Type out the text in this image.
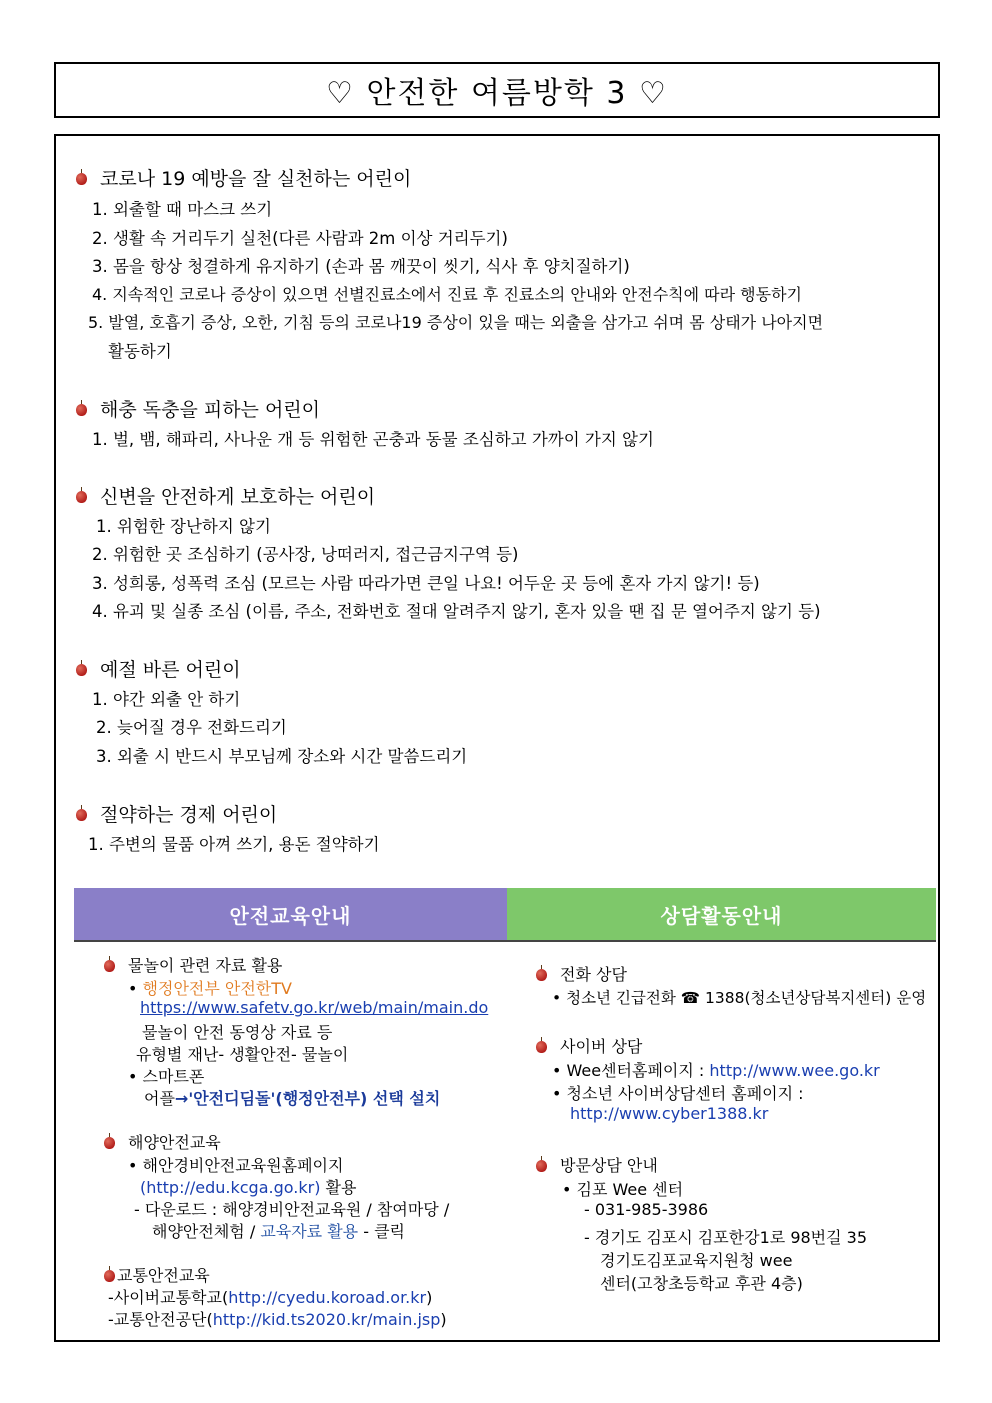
♡ 안전한 여름방학 3 ♡
코로나 19 예방을 잘 실천하는 어린이
1. 외출할 때 마스크 쓰기
2. 생활 속 거리두기 실천(다른 사람과 2m 이상 거리두기)
3. 몸을 항상 청결하게 유지하기 (손과 몸 깨끗이 씻기, 식사 후 양치질하기)
4. 지속적인 코로나 증상이 있으면 선별진료소에서 진료 후 진료소의 안내와 안전수칙에 따라 행동하기
5. 발열, 호흡기 증상, 오한, 기침 등의 코로나19 증상이 있을 때는 외출을 삼가고 쉬며 몸 상태가 나아지면
활동하기
해충 독충을 피하는 어린이
1. 벌, 뱀, 해파리, 사나운 개 등 위험한 곤충과 동물 조심하고 가까이 가지 않기
신변을 안전하게 보호하는 어린이
1. 위험한 장난하지 않기
2. 위험한 곳 조심하기 (공사장, 낭떠러지, 접근금지구역 등)
3. 성희롱, 성폭력 조심 (모르는 사람 따라가면 큰일 나요! 어두운 곳 등에 혼자 가지 않기! 등)
4. 유괴 및 실종 조심 (이름, 주소, 전화번호 절대 알려주지 않기, 혼자 있을 땐 집 문 열어주지 않기 등)
예절 바른 어린이
1. 야간 외출 안 하기
2. 늦어질 경우 전화드리기
3. 외출 시 반드시 부모님께 장소와 시간 말씀드리기
절약하는 경제 어린이
1. 주변의 물품 아껴 쓰기, 용돈 절약하기
안전교육안내	상담활동안내
물놀이 관련 자료 활용
• 행정안전부 안전한TV
https://www.safetv.go.kr/web/main/main.do
물놀이 안전 동영상 자료 등
유형별 재난- 생활안전- 물놀이
• 스마트폰
어플→'안전디딤돌'(행정안전부) 선택 설치
해양안전교육
• 해안경비안전교육원홈페이지
(http://edu.kcga.go.kr) 활용
- 다운로드 : 해양경비안전교육원 / 참여마당 /
해양안전체험 / 교육자료 활용 - 클릭
교통안전교육
-사이버교통학교(http://cyedu.koroad.or.kr)
-교통안전공단(http://kid.ts2020.kr/main.jsp)
전화 상담
• 청소년 긴급전화 ☎ 1388(청소년상담복지센터) 운영
사이버 상담
• Wee센터홈페이지 : http://www.wee.go.kr
• 청소년 사이버상담센터 홈페이지 :
http://www.cyber1388.kr
방문상담 안내
• 김포 Wee 센터
- 031-985-3986
- 경기도 김포시 김포한강1로 98번길 35
경기도김포교육지원청 wee
센터(고창초등학교 후관 4층)
